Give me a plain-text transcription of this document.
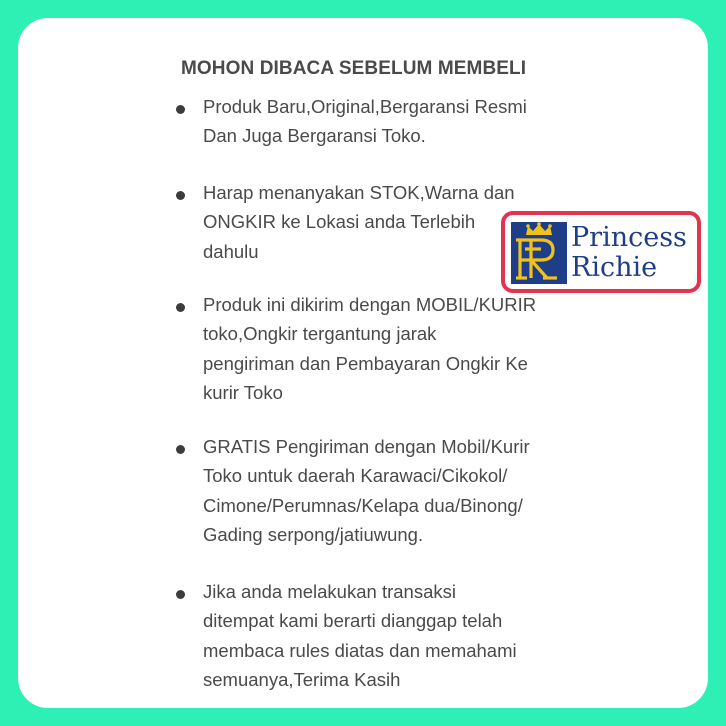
MOHON DIBACA SEBELUM MEMBELI
Produk Baru,Original,Bergaransi Resmi
Dan Juga Bergaransi Toko.
Harap menanyakan STOK,Warna dan
ONGKIR ke Lokasi anda Terlebih
dahulu
Produk ini dikirim dengan MOBIL/KURIR
toko,Ongkir tergantung jarak
pengiriman dan Pembayaran Ongkir Ke
kurir Toko
GRATIS Pengiriman dengan Mobil/Kurir
Toko untuk daerah Karawaci/Cikokol/
Cimone/Perumnas/Kelapa dua/Binong/
Gading serpong/jatiuwung.
Jika anda melakukan transaksi
ditempat kami berarti dianggap telah
membaca rules diatas dan memahami
semuanya,Terima Kasih
Princess
Richie
